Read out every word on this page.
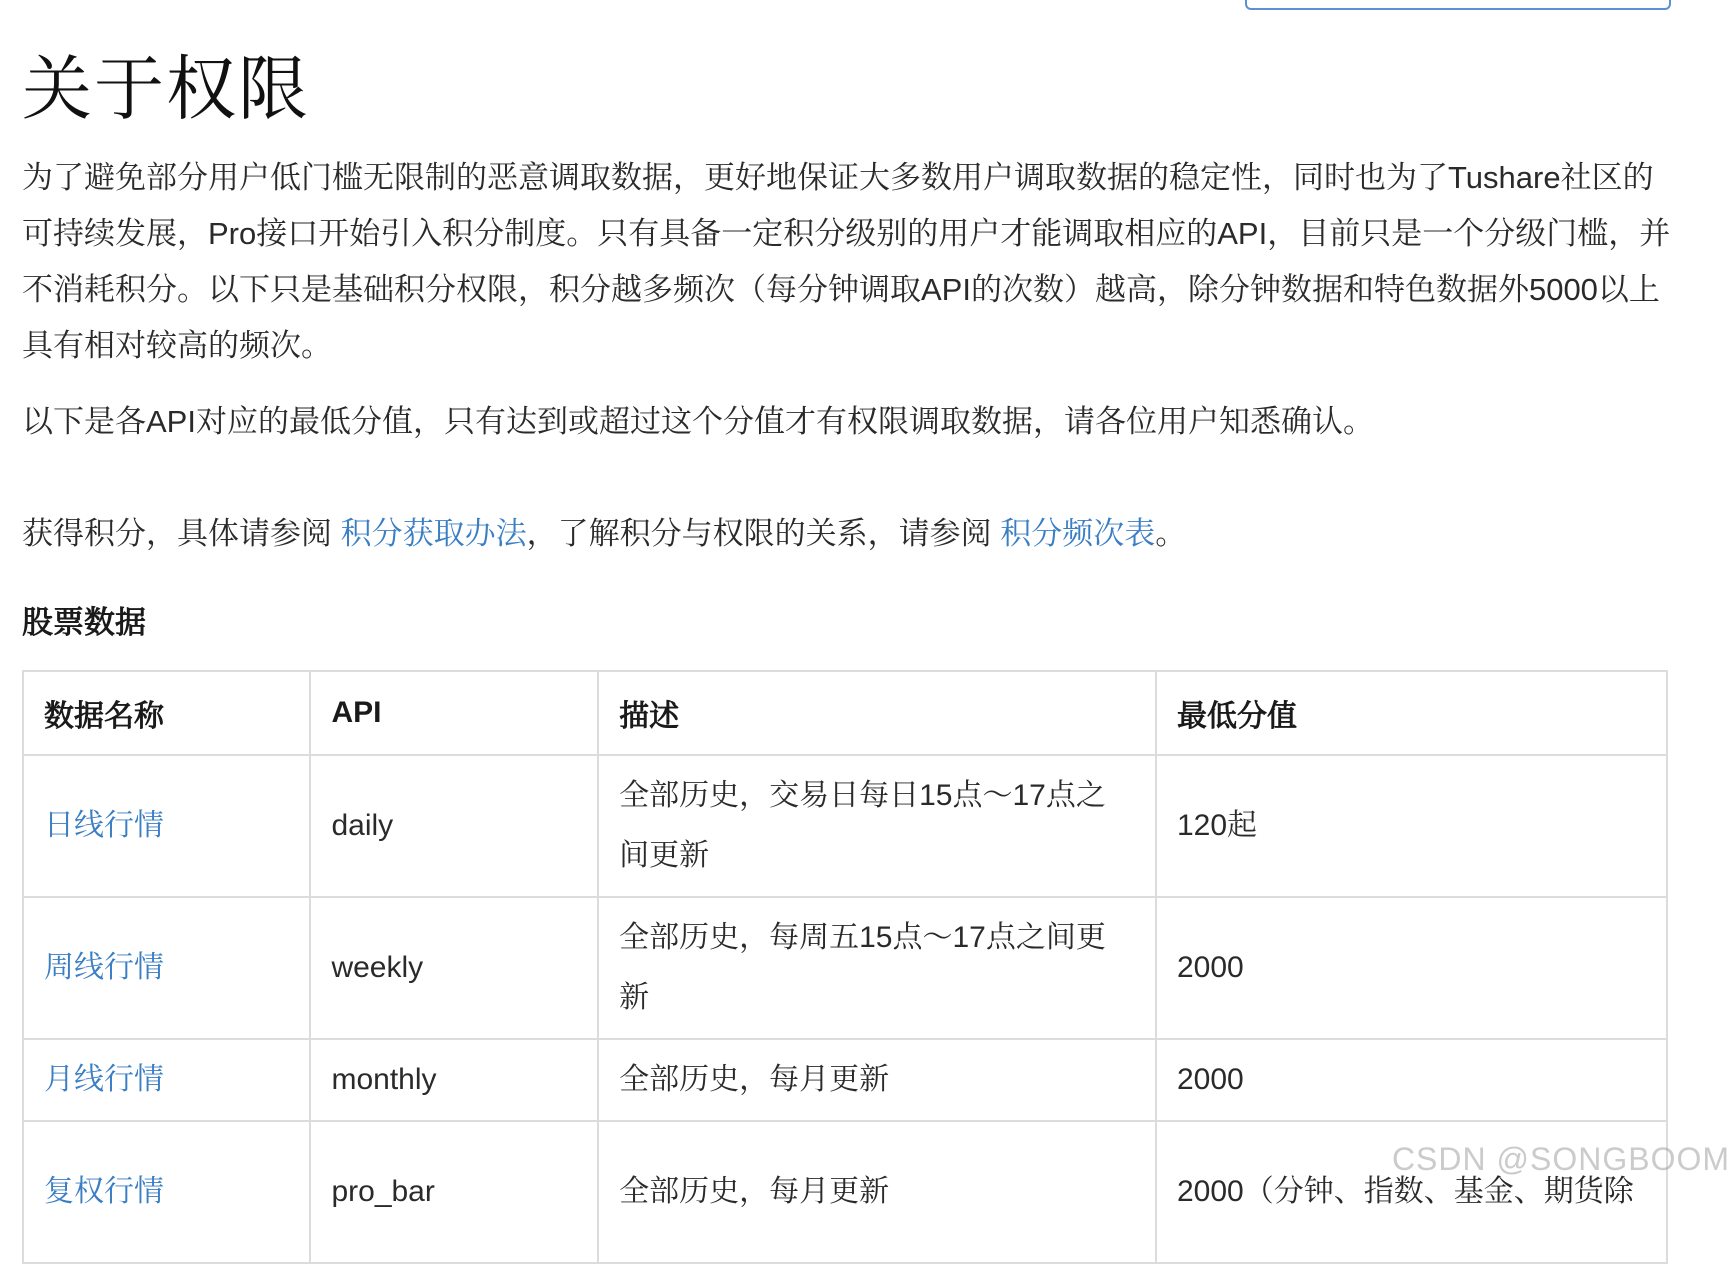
关于权限

为了避免部分用户低门槛无限制的恶意调取数据，更好地保证大多数用户调取数据的稳定性，同时也为了Tushare社区的可持续发展，Pro接口开始引入积分制度。只有具备一定积分级别的用户才能调取相应的API，目前只是一个分级门槛，并不消耗积分。以下只是基础积分权限，积分越多频次（每分钟调取API的次数）越高，除分钟数据和特色数据外5000以上具有相对较高的频次。

以下是各API对应的最低分值，只有达到或超过这个分值才有权限调取数据，请各位用户知悉确认。

获得积分，具体请参阅 积分获取办法，了解积分与权限的关系，请参阅 积分频次表。

股票数据
数据名称	API	描述	最低分值
日线行情	daily	全部历史，交易日每日15点～17点之间更新	120起
周线行情	weekly	全部历史，每周五15点～17点之间更新	2000
月线行情	monthly	全部历史，每月更新	2000
复权行情	pro_bar	全部历史，每月更新	2000（分钟、指数、基金、期货除
CSDN @SONGBOOM
